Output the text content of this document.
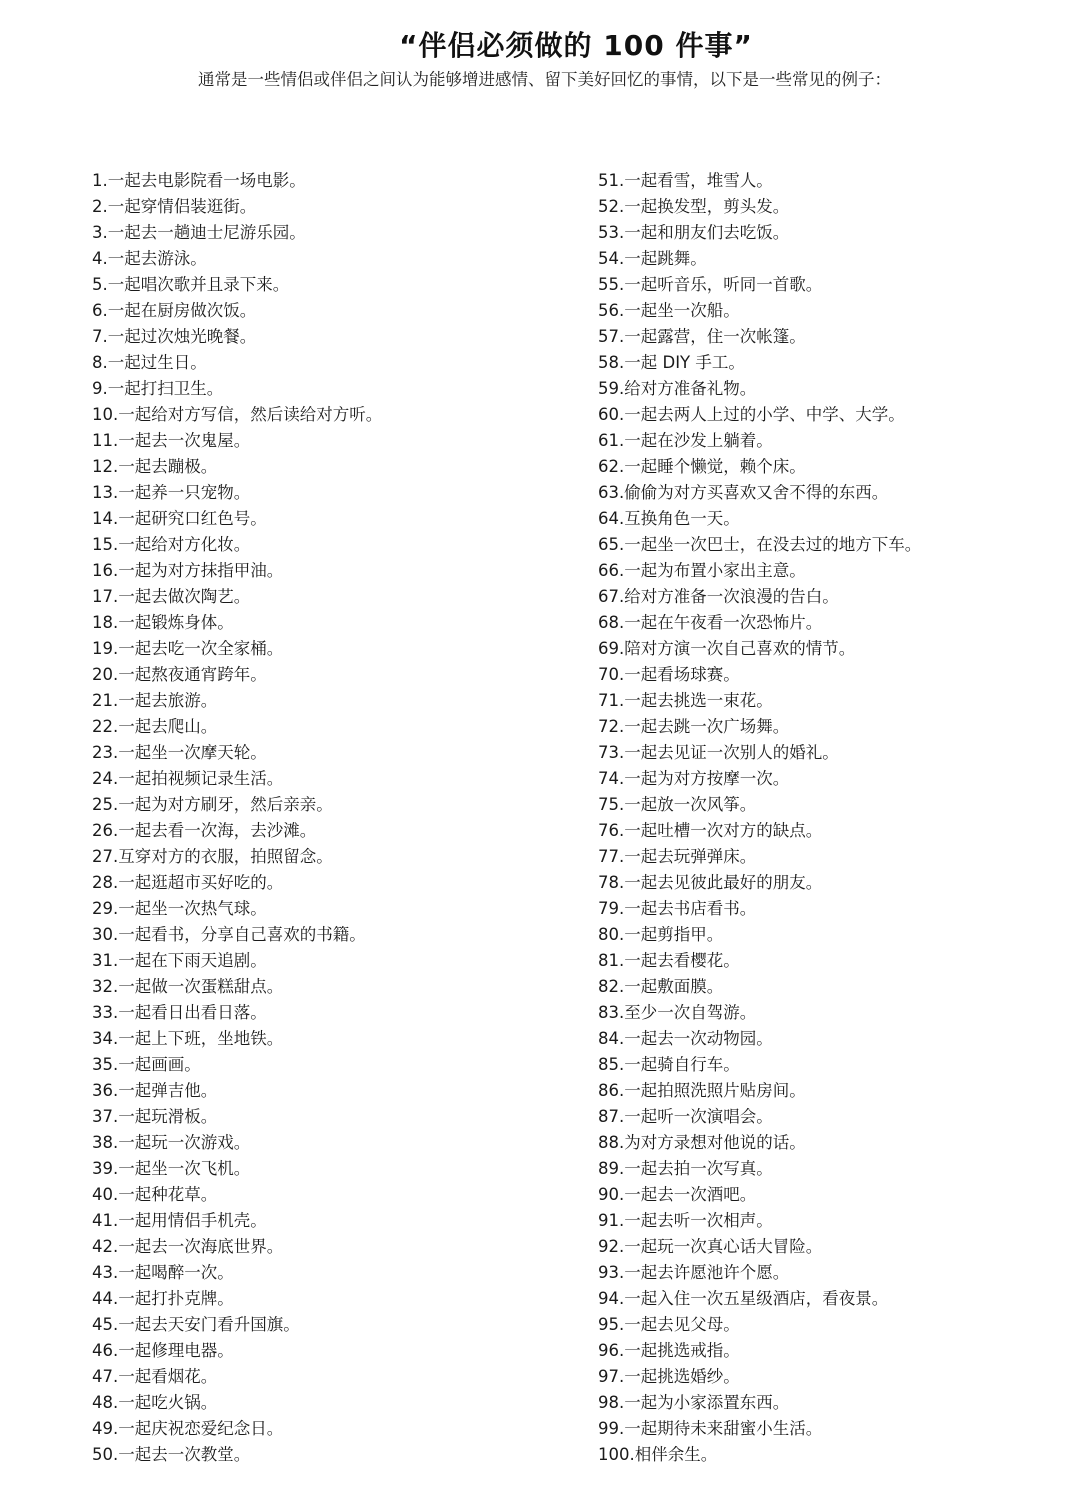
“伴侣必须做的 100 件事”

通常是一些情侣或伴侣之间认为能够增进感情、留下美好回忆的事情，以下是一些常见的例子：

1.一起去电影院看一场电影。
2.一起穿情侣装逛街。
3.一起去一趟迪士尼游乐园。
4.一起去游泳。
5.一起唱次歌并且录下来。
6.一起在厨房做次饭。
7.一起过次烛光晚餐。
8.一起过生日。
9.一起打扫卫生。
10.一起给对方写信，然后读给对方听。
11.一起去一次鬼屋。
12.一起去蹦极。
13.一起养一只宠物。
14.一起研究口红色号。
15.一起给对方化妆。
16.一起为对方抹指甲油。
17.一起去做次陶艺。
18.一起锻炼身体。
19.一起去吃一次全家桶。
20.一起熬夜通宵跨年。
21.一起去旅游。
22.一起去爬山。
23.一起坐一次摩天轮。
24.一起拍视频记录生活。
25.一起为对方刷牙，然后亲亲。
26.一起去看一次海，去沙滩。
27.互穿对方的衣服，拍照留念。
28.一起逛超市买好吃的。
29.一起坐一次热气球。
30.一起看书，分享自己喜欢的书籍。
31.一起在下雨天追剧。
32.一起做一次蛋糕甜点。
33.一起看日出看日落。
34.一起上下班，坐地铁。
35.一起画画。
36.一起弹吉他。
37.一起玩滑板。
38.一起玩一次游戏。
39.一起坐一次飞机。
40.一起种花草。
41.一起用情侣手机壳。
42.一起去一次海底世界。
43.一起喝醉一次。
44.一起打扑克牌。
45.一起去天安门看升国旗。
46.一起修理电器。
47.一起看烟花。
48.一起吃火锅。
49.一起庆祝恋爱纪念日。
50.一起去一次教堂。
51.一起看雪，堆雪人。
52.一起换发型，剪头发。
53.一起和朋友们去吃饭。
54.一起跳舞。
55.一起听音乐，听同一首歌。
56.一起坐一次船。
57.一起露营，住一次帐篷。
58.一起 DIY 手工。
59.给对方准备礼物。
60.一起去两人上过的小学、中学、大学。
61.一起在沙发上躺着。
62.一起睡个懒觉，赖个床。
63.偷偷为对方买喜欢又舍不得的东西。
64.互换角色一天。
65.一起坐一次巴士，在没去过的地方下车。
66.一起为布置小家出主意。
67.给对方准备一次浪漫的告白。
68.一起在午夜看一次恐怖片。
69.陪对方演一次自己喜欢的情节。
70.一起看场球赛。
71.一起去挑选一束花。
72.一起去跳一次广场舞。
73.一起去见证一次别人的婚礼。
74.一起为对方按摩一次。
75.一起放一次风筝。
76.一起吐槽一次对方的缺点。
77.一起去玩弹弹床。
78.一起去见彼此最好的朋友。
79.一起去书店看书。
80.一起剪指甲。
81.一起去看樱花。
82.一起敷面膜。
83.至少一次自驾游。
84.一起去一次动物园。
85.一起骑自行车。
86.一起拍照洗照片贴房间。
87.一起听一次演唱会。
88.为对方录想对他说的话。
89.一起去拍一次写真。
90.一起去一次酒吧。
91.一起去听一次相声。
92.一起玩一次真心话大冒险。
93.一起去许愿池许个愿。
94.一起入住一次五星级酒店，看夜景。
95.一起去见父母。
96.一起挑选戒指。
97.一起挑选婚纱。
98.一起为小家添置东西。
99.一起期待未来甜蜜小生活。
100.相伴余生。
